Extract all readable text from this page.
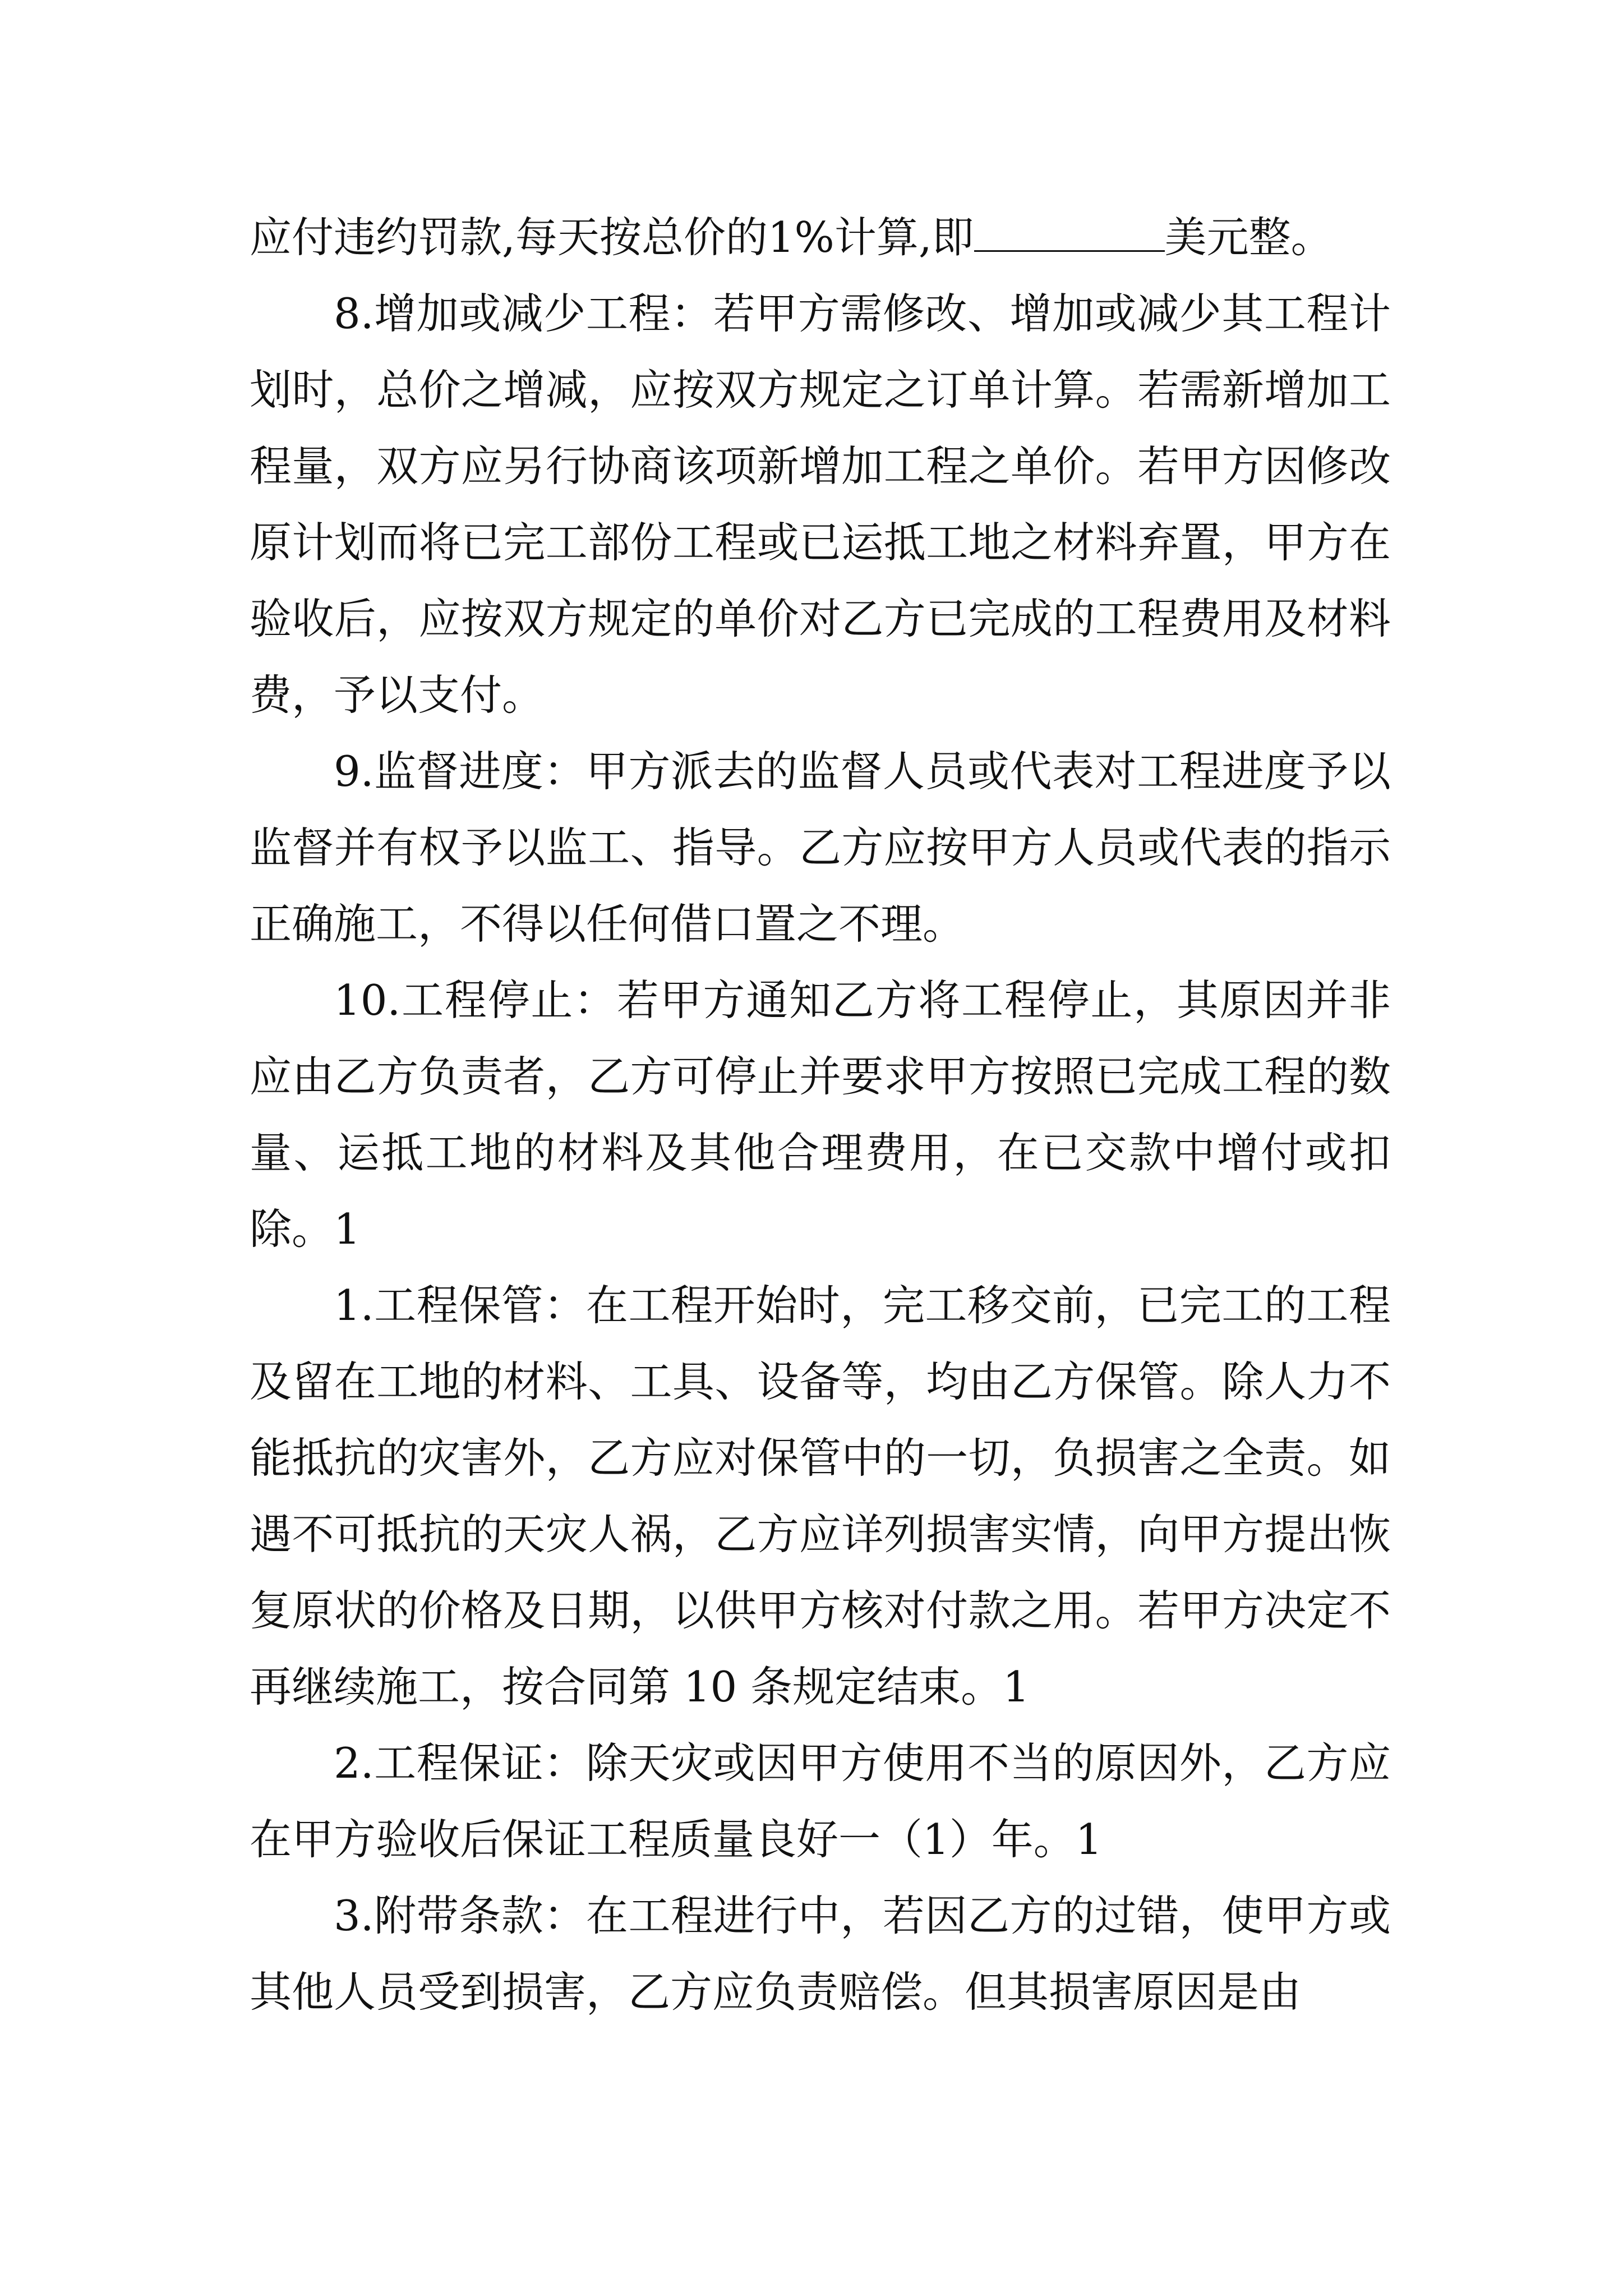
应付违约罚款,每天按总价的1%计算,即	美元整。

8.增加或减少工程：若甲方需修改、增加或减少其工程计划时，总价之增减，应按双方规定之订单计算。若需新增加工程量，双方应另行协商该项新增加工程之单价。若甲方因修改原计划而将已完工部份工程或已运抵工地之材料弃置，甲方在验收后，应按双方规定的单价对乙方已完成的工程费用及材料费，予以支付。

9.监督进度：甲方派去的监督人员或代表对工程进度予以监督并有权予以监工、指导。乙方应按甲方人员或代表的指示正确施工，不得以任何借口置之不理。

10.工程停止：若甲方通知乙方将工程停止，其原因并非应由乙方负责者，乙方可停止并要求甲方按照已完成工程的数量、运抵工地的材料及其他合理费用，在已交款中增付或扣除。1

1.工程保管：在工程开始时，完工移交前，已完工的工程及留在工地的材料、工具、设备等，均由乙方保管。除人力不能抵抗的灾害外，乙方应对保管中的一切，负损害之全责。如遇不可抵抗的天灾人祸，乙方应详列损害实情，向甲方提出恢复原状的价格及日期，以供甲方核对付款之用。若甲方决定不再继续施工，按合同第 10 条规定结束。1

2.工程保证：除天灾或因甲方使用不当的原因外，乙方应在甲方验收后保证工程质量良好一（1）年。1

3.附带条款：在工程进行中，若因乙方的过错，使甲方或其他人员受到损害，乙方应负责赔偿。但其损害原因是由
